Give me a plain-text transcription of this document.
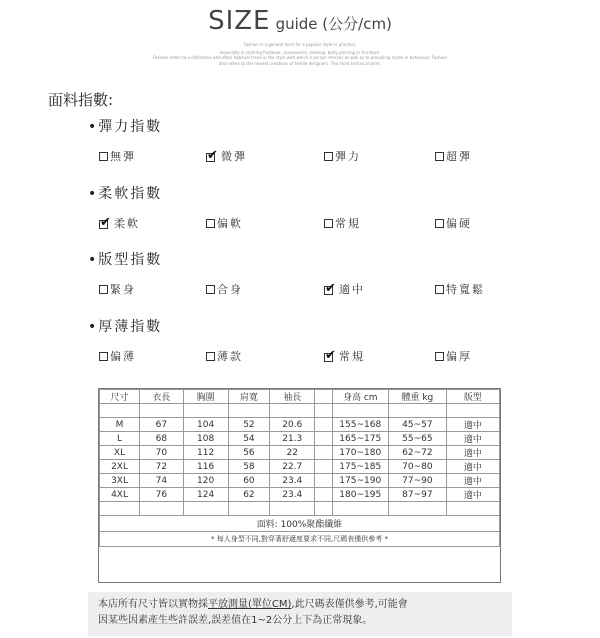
SIZE guide (公分/cm)
Fashion is a general term for a popular style or practice,
especially in clothing footwear, accessories, makeup, body piercing or furniture.
Fashion refers to a distinctive and often habitual trend in the style with which a person dresses as well as to prevailing styles in behaviour. Fashion
also refers to the newest creations of textile designers. The more technical term,
面料指數:
•彈力指數
無彈	✔ 微彈	彈力	超彈
•柔軟指數
✔ 柔軟	偏軟	常規	偏硬
•版型指數
緊身	合身	✔ 適中	特寬鬆
•厚薄指數
偏薄	薄款	✔ 常規	偏厚
尺寸	衣長	胸圍	肩寬	袖長		身高 cm	體重 kg	版型

M	67	104	52	20.6		155~168	45~57	適中
L	68	108	54	21.3		165~175	55~65	適中
XL	70	112	56	22		170~180	62~72	適中
2XL	72	116	58	22.7		175~185	70~80	適中
3XL	74	120	60	23.4		175~190	77~90	適中
4XL	76	124	62	23.4		180~195	87~97	適中

面料: 100%聚酯纖維								
* 每人身型不同,對穿著舒適度要求不同,尺碼表僅供參考 *								
本店所有尺寸皆以實物採平放測量(單位CM),此尺碼表僅供參考,可能會
因某些因素產生些許誤差,誤差值在1~2公分上下為正常現象。
